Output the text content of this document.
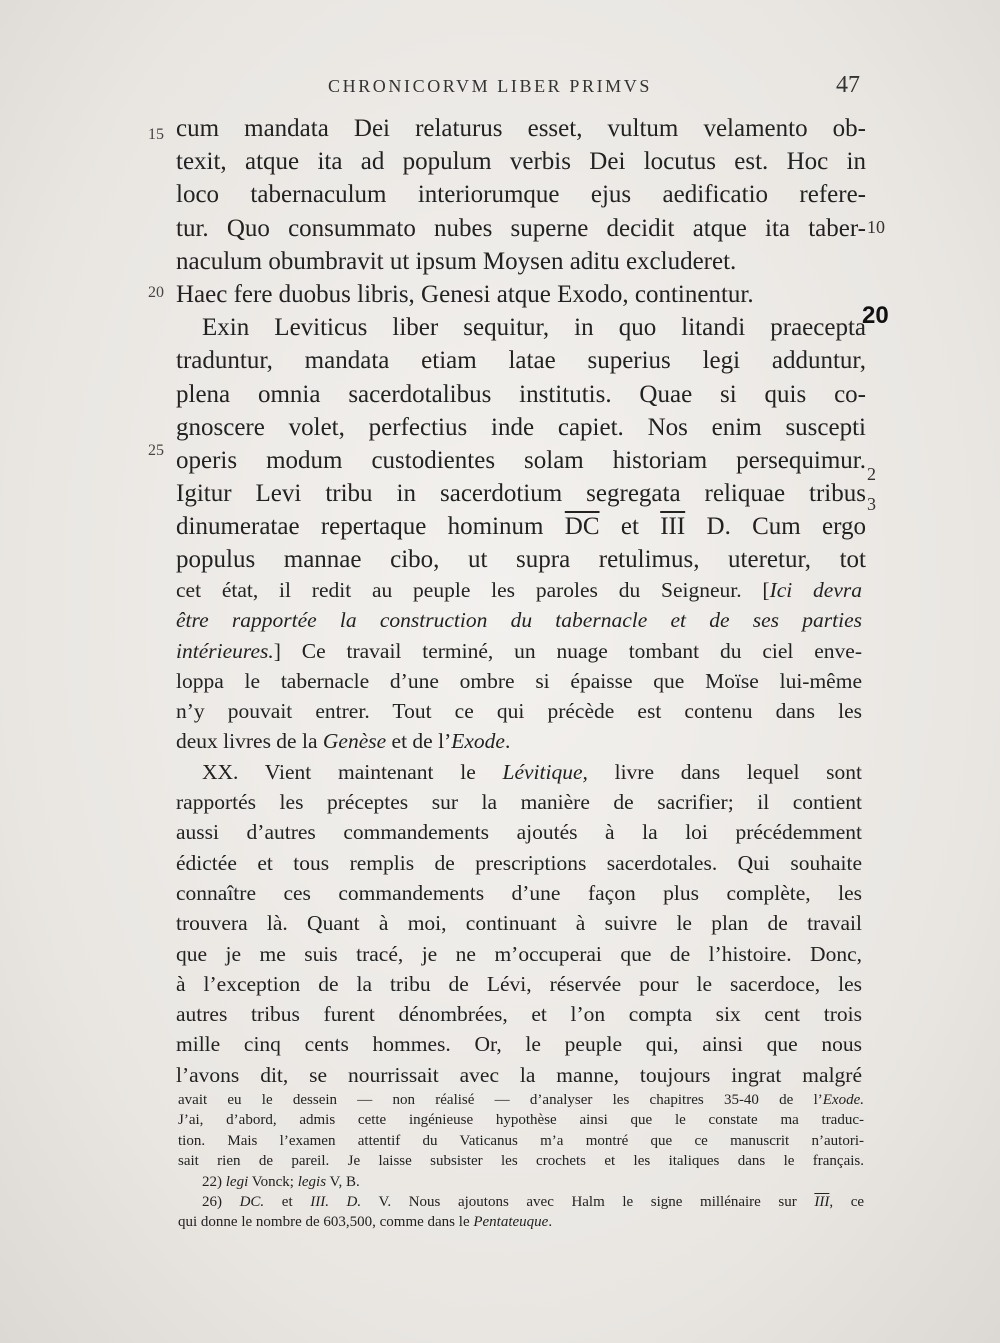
CHRONICORVM LIBER PRIMVS	47
15
20
25
10
20
2
3
cum mandata Dei relaturus esset, vultum velamento ob-
texit, atque ita ad populum verbis Dei locutus est. Hoc in
loco tabernaculum interiorumque ejus aedificatio refere-
tur. Quo consummato nubes superne decidit atque ita taber-
naculum obumbravit ut ipsum Moysen aditu excluderet.
Haec fere duobus libris, Genesi atque Exodo, continentur.
Exin Leviticus liber sequitur, in quo litandi praecepta
traduntur, mandata etiam latae superius legi adduntur,
plena omnia sacerdotalibus institutis. Quae si quis co-
gnoscere volet, perfectius inde capiet. Nos enim suscepti
operis modum custodientes solam historiam persequimur.
Igitur Levi tribu in sacerdotium segregata reliquae tribus
dinumeratae repertaque hominum $\overline{DC}$ et $\overline{III}$ D. Cum ergo
populus mannae cibo, ut supra retulimus, uteretur, tot
cet état, il redit au peuple les paroles du Seigneur. [Ici devra
être rapportée la construction du tabernacle et de ses parties
intérieures.] Ce travail terminé, un nuage tombant du ciel enve-
loppa le tabernacle d’une ombre si épaisse que Moïse lui-même
n’y pouvait entrer. Tout ce qui précède est contenu dans les
deux livres de la Genèse et de l’Exode.
XX. Vient maintenant le Lévitique, livre dans lequel sont
rapportés les préceptes sur la manière de sacrifier; il contient
aussi d’autres commandements ajoutés à la loi précédemment
édictée et tous remplis de prescriptions sacerdotales. Qui souhaite
connaître ces commandements d’une façon plus complète, les
trouvera là. Quant à moi, continuant à suivre le plan de travail
que je me suis tracé, je ne m’occuperai que de l’histoire. Donc,
à l’exception de la tribu de Lévi, réservée pour le sacerdoce, les
autres tribus furent dénombrées, et l’on compta six cent trois
mille cinq cents hommes. Or, le peuple qui, ainsi que nous
l’avons dit, se nourrissait avec la manne, toujours ingrat malgré
avait eu le dessein — non réalisé — d’analyser les chapitres 35-40 de l’Exode.
J’ai, d’abord, admis cette ingénieuse hypothèse ainsi que le constate ma traduc-
tion. Mais l’examen attentif du Vaticanus m’a montré que ce manuscrit n’autori-
sait rien de pareil. Je laisse subsister les crochets et les italiques dans le français.
22) legi Vonck; legis V, B.
26) DC. et III. D. V. Nous ajoutons avec Halm le signe millénaire sur $\overline{III}$, ce
qui donne le nombre de 603,500, comme dans le Pentateuque.
